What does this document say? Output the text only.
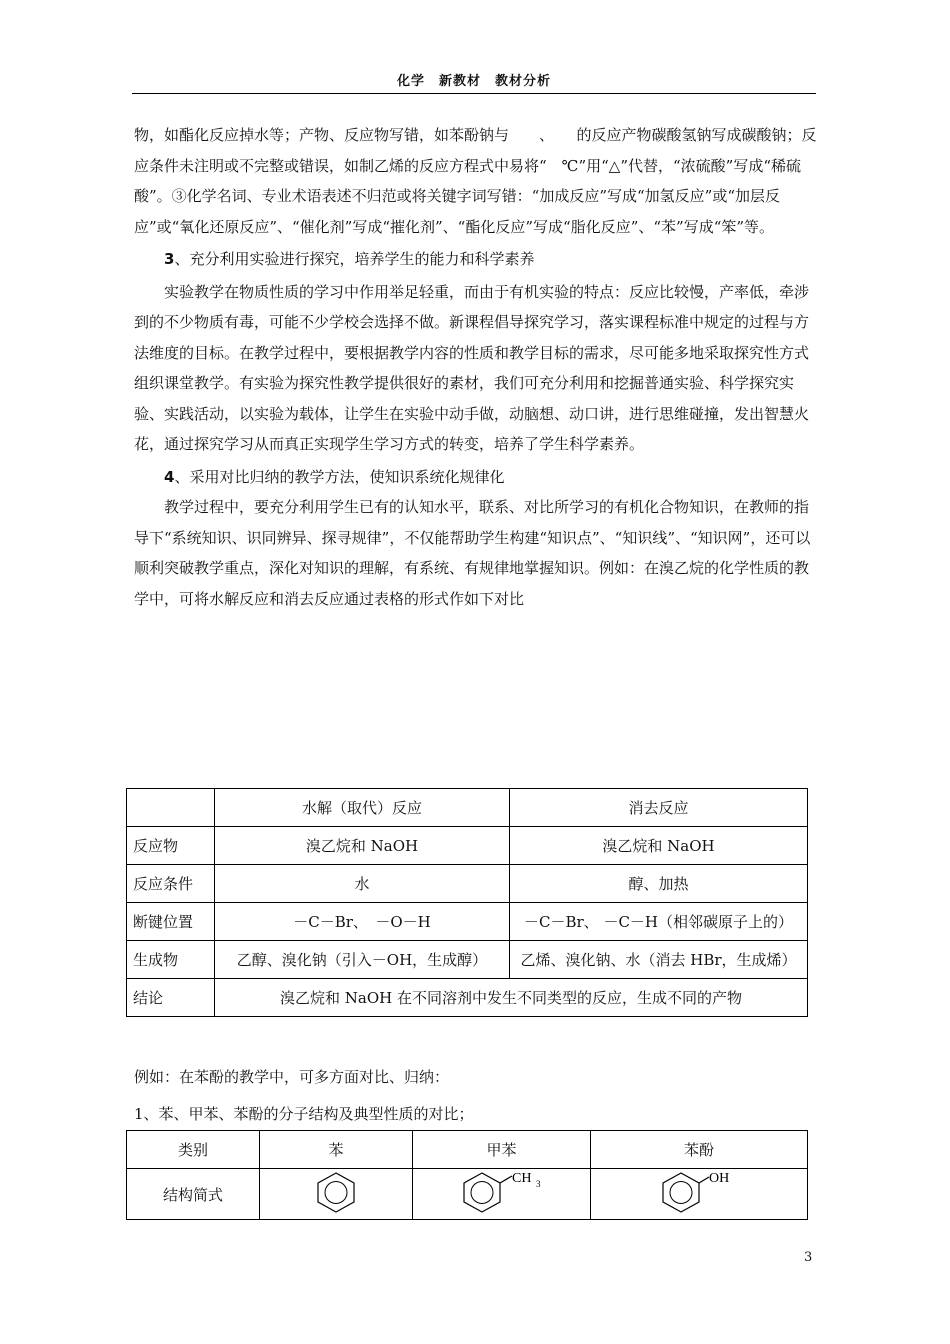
化学　新教材　教材分析

物，如酯化反应掉水等；产物、反应物写错，如苯酚钠与　　、　　的反应产物碳酸氢钠写成碳酸钠；反应条件未注明或不完整或错误，如制乙烯的反应方程式中易将“　℃”用“△”代替，“浓硫酸”写成“稀硫酸”。③化学名词、专业术语表述不归范或将关键字词写错：“加成反应”写成“加氢反应”或“加层反应”或“氧化还原反应”、“催化剂”写成“摧化剂”、“酯化反应”写成“脂化反应”、“苯”写成“笨”等。

3、充分利用实验进行探究，培养学生的能力和科学素养

实验教学在物质性质的学习中作用举足轻重，而由于有机实验的特点：反应比较慢，产率低，牵涉到的不少物质有毒，可能不少学校会选择不做。新课程倡导探究学习，落实课程标准中规定的过程与方法维度的目标。在教学过程中，要根据教学内容的性质和教学目标的需求，尽可能多地采取探究性方式组织课堂教学。有实验为探究性教学提供很好的素材，我们可充分利用和挖掘普通实验、科学探究实验、实践活动，以实验为载体，让学生在实验中动手做，动脑想、动口讲，进行思维碰撞，发出智慧火花，通过探究学习从而真正实现学生学习方式的转变，培养了学生科学素养。

4、采用对比归纳的教学方法，使知识系统化规律化

教学过程中，要充分利用学生已有的认知水平，联系、对比所学习的有机化合物知识，在教师的指导下“系统知识、识同辨异、探寻规律”，不仅能帮助学生构建“知识点”、“知识线”、“知识网”，还可以顺利突破教学重点，深化对知识的理解，有系统、有规律地掌握知识。例如：在溴乙烷的化学性质的教学中，可将水解反应和消去反应通过表格的形式作如下对比

	水解（取代）反应	消去反应
反应物	溴乙烷和 NaOH	溴乙烷和 NaOH
反应条件	水	醇、加热
断键位置	－C－Br、　－O－H	－C－Br、 －C－H（相邻碳原子上的）
生成物	乙醇、溴化钠（引入－OH，生成醇）	乙烯、溴化钠、水（消去 HBr，生成烯）
结论	溴乙烷和 NaOH 在不同溶剂中发生不同类型的反应，生成不同的产物	

例如：在苯酚的教学中，可多方面对比、归纳：

1、苯、甲苯、苯酚的分子结构及典型性质的对比；

类别	苯	甲苯	苯酚
结构简式		CH 3	OH
3
